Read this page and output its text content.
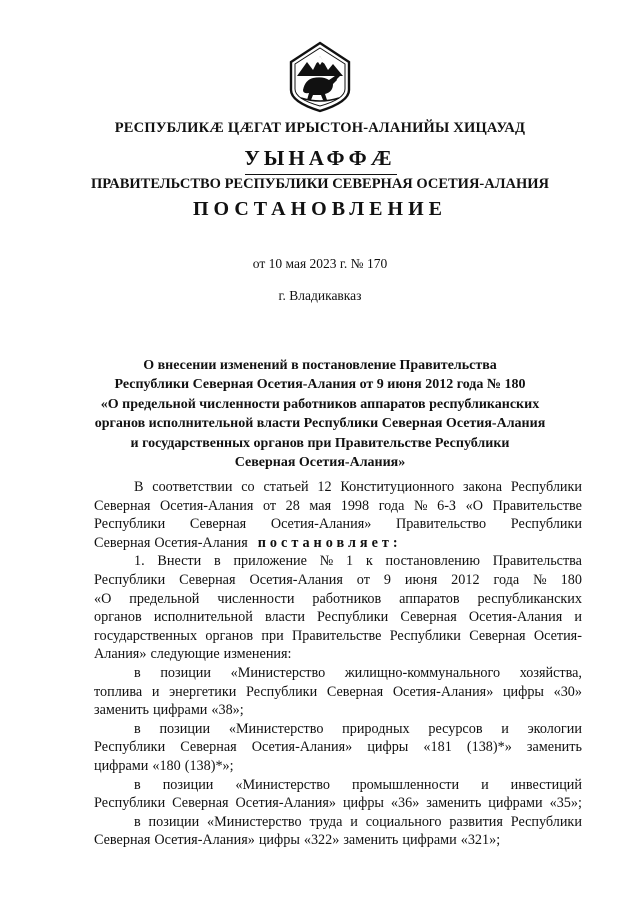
РЕСПУБЛИКӔ ЦӔГАТ ИРЫСТОН-АЛАНИЙЫ ХИЦАУАД
УЫНАФФӔ
ПРАВИТЕЛЬСТВО РЕСПУБЛИКИ СЕВЕРНАЯ ОСЕТИЯ-АЛАНИЯ
ПОСТАНОВЛЕНИЕ
от 10 мая 2023 г. № 170
г. Владикавказ
О внесении изменений в постановление Правительства
Республики Северная Осетия-Алания от 9 июня 2012 года № 180
«О предельной численности работников аппаратов республиканских
органов исполнительной власти Республики Северная Осетия-Алания
и государственных органов при Правительстве Республики
Северная Осетия-Алания»
В соответствии со статьей 12 Конституционного закона Республики
Северная Осетия-Алания от 28 мая 1998 года № 6-З «О Правительстве
Республики Северная Осетия-Алания» Правительство Республики
Северная Осетия-Алания постановляет:
1. Внести в приложение № 1 к постановлению Правительства
Республики Северная Осетия-Алания от 9 июня 2012 года № 180
«О предельной численности работников аппаратов республиканских
органов исполнительной власти Республики Северная Осетия-Алания и
государственных органов при Правительстве Республики Северная Осетия-
Алания» следующие изменения:
в позиции «Министерство жилищно-коммунального хозяйства,
топлива и энергетики Республики Северная Осетия-Алания» цифры «30»
заменить цифрами «38»;
в позиции «Министерство природных ресурсов и экологии
Республики Северная Осетия-Алания» цифры «181 (138)*» заменить
цифрами «180 (138)*»;
в позиции «Министерство промышленности и инвестиций
Республики Северная Осетия-Алания» цифры «36» заменить цифрами «35»;
в позиции «Министерство труда и социального развития Республики
Северная Осетия-Алания» цифры «322» заменить цифрами «321»;
